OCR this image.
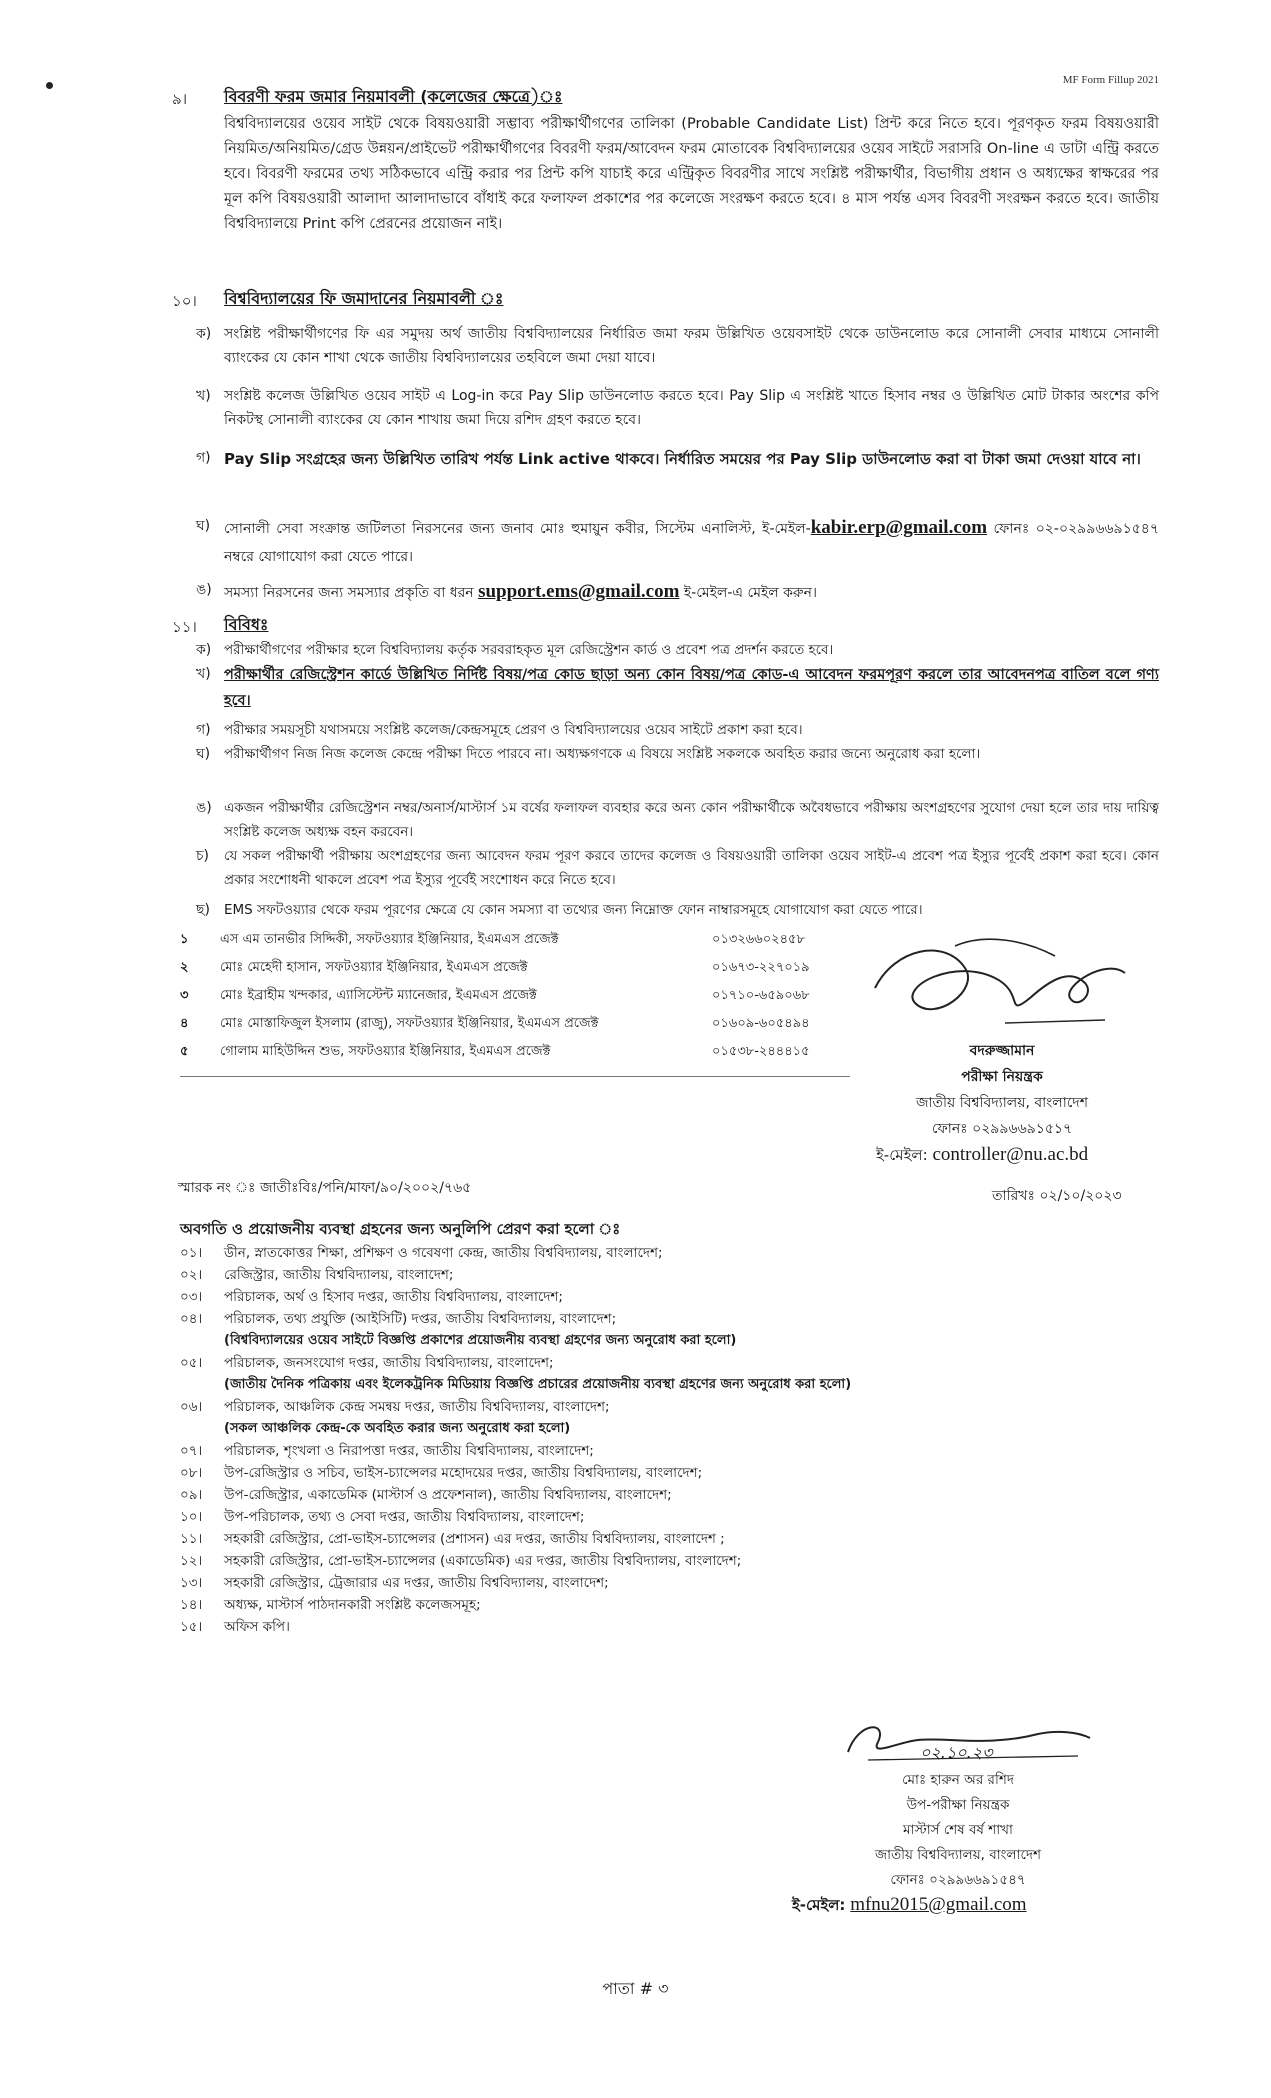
MF Form Fillup 2021
৯।	বিবরণী ফরম জমার নিয়মাবলী (কলেজের ক্ষেত্রে)ঃ
বিশ্ববিদ্যালয়ের ওয়েব সাইট থেকে বিষয়ওয়ারী সম্ভাব্য পরীক্ষার্থীগণের তালিকা (Probable Candidate List) প্রিন্ট করে নিতে হবে। পূরণকৃত ফরম বিষয়ওয়ারী নিয়মিত/অনিয়মিত/গ্রেড উন্নয়ন/প্রাইভেট পরীক্ষার্থীগণের বিবরণী ফরম/আবেদন ফরম মোতাবেক বিশ্ববিদ্যালয়ের ওয়েব সাইটে সরাসরি On-line এ ডাটা এন্ট্রি করতে হবে। বিবরণী ফরমের তথ্য সঠিকভাবে এন্ট্রি করার পর প্রিন্ট কপি যাচাই করে এন্ট্রিকৃত বিবরণীর সাথে সংশ্লিষ্ট পরীক্ষার্থীর, বিভাগীয় প্রধান ও অধ্যক্ষের স্বাক্ষরের পর মূল কপি বিষয়ওয়ারী আলাদা আলাদাভাবে বাঁধাই করে ফলাফল প্রকাশের পর কলেজে সংরক্ষণ করতে হবে। ৪ মাস পর্যন্ত এসব বিবরণী সংরক্ষন করতে হবে। জাতীয় বিশ্ববিদ্যালয়ে Print কপি প্রেরনের প্রয়োজন নাই।
১০।	বিশ্ববিদ্যালয়ের ফি জমাদানের নিয়মাবলী ঃ
ক) সংশ্লিষ্ট পরীক্ষার্থীগণের ফি এর সমুদয় অর্থ জাতীয় বিশ্ববিদ্যালয়ের নির্ধারিত জমা ফরম উল্লিখিত ওয়েবসাইট থেকে ডাউনলোড করে সোনালী সেবার মাধ্যমে সোনালী ব্যাংকের যে কোন শাখা থেকে জাতীয় বিশ্ববিদ্যালয়ের তহবিলে জমা দেয়া যাবে।
খ) সংশ্লিষ্ট কলেজ উল্লিখিত ওয়েব সাইট এ Log-in করে Pay Slip ডাউনলোড করতে হবে। Pay Slip এ সংশ্লিষ্ট খাতে হিসাব নম্বর ও উল্লিখিত মোট টাকার অংশের কপি নিকটস্থ সোনালী ব্যাংকের যে কোন শাখায় জমা দিয়ে রশিদ গ্রহণ করতে হবে।
গ) Pay Slip সংগ্রহের জন্য উল্লিখিত তারিখ পর্যন্ত Link active থাকবে। নির্ধারিত সময়ের পর Pay Slip ডাউনলোড করা বা টাকা জমা দেওয়া যাবে না।
ঘ) সোনালী সেবা সংক্রান্ত জটিলতা নিরসনের জন্য জনাব মোঃ হুমায়ুন কবীর, সিস্টেম এনালিস্ট, ই-মেইল-kabir.erp@gmail.com ফোনঃ ০২-০২৯৯৬৬৯১৫৪৭ নম্বরে যোগাযোগ করা যেতে পারে।
ঙ) সমস্যা নিরসনের জন্য সমস্যার প্রকৃতি বা ধরন support.ems@gmail.com ই-মেইল-এ মেইল করুন।
১১।	বিবিধঃ
ক) পরীক্ষার্থীগণের পরীক্ষার হলে বিশ্ববিদ্যালয় কর্তৃক সরবরাহকৃত মূল রেজিস্ট্রেশন কার্ড ও প্রবেশ পত্র প্রদর্শন করতে হবে।
খ) পরীক্ষার্থীর রেজিস্ট্রেশন কার্ডে উল্লিখিত নির্দিষ্ট বিষয়/পত্র কোড ছাড়া অন্য কোন বিষয়/পত্র কোড-এ আবেদন ফরমপূরণ করলে তার আবেদনপত্র বাতিল বলে গণ্য হবে।
গ) পরীক্ষার সময়সূচী যথাসময়ে সংশ্লিষ্ট কলেজ/কেন্দ্রসমূহে প্রেরণ ও বিশ্ববিদ্যালয়ের ওয়েব সাইটে প্রকাশ করা হবে।
ঘ) পরীক্ষার্থীগণ নিজ নিজ কলেজ কেন্দ্রে পরীক্ষা দিতে পারবে না। অধ্যক্ষগণকে এ বিষয়ে সংশ্লিষ্ট সকলকে অবহিত করার জন্যে অনুরোধ করা হলো।
ঙ) একজন পরীক্ষার্থীর রেজিস্ট্রেশন নম্বর/অনার্স/মাস্টার্স ১ম বর্ষের ফলাফল ব্যবহার করে অন্য কোন পরীক্ষার্থীকে অবৈধভাবে পরীক্ষায় অংশগ্রহণের সুযোগ দেয়া হলে তার দায় দায়িত্ব সংশ্লিষ্ট কলেজ অধ্যক্ষ বহন করবেন।
চ) যে সকল পরীক্ষার্থী পরীক্ষায় অংশগ্রহণের জন্য আবেদন ফরম পূরণ করবে তাদের কলেজ ও বিষয়ওয়ারী তালিকা ওয়েব সাইট-এ প্রবেশ পত্র ইস্যুর পূর্বেই প্রকাশ করা হবে। কোন প্রকার সংশোধনী থাকলে প্রবেশ পত্র ইস্যুর পূর্বেই সংশোধন করে নিতে হবে।
ছ) EMS সফটওয়্যার থেকে ফরম পূরণের ক্ষেত্রে যে কোন সমস্যা বা তথ্যের জন্য নিম্নোক্ত ফোন নাম্বারসমূহে যোগাযোগ করা যেতে পারে।
১ এস এম তানভীর সিদ্দিকী, সফটওয়্যার ইঞ্জিনিয়ার, ইএমএস প্রজেক্ট	০১৩২৬৬০২৪৫৮
২ মোঃ মেহেদী হাসান, সফটওয়্যার ইঞ্জিনিয়ার, ইএমএস প্রজেক্ট	০১৬৭৩-২২৭০১৯
৩ মোঃ ইব্রাহীম খন্দকার, এ্যাসিস্টেন্ট ম্যানেজার, ইএমএস প্রজেক্ট	০১৭১০-৬৫৯০৬৮
৪ মোঃ মোস্তাফিজুল ইসলাম (রাজু), সফটওয়্যার ইঞ্জিনিয়ার, ইএমএস প্রজেক্ট	০১৬০৯-৬০৫৪৯৪
৫ গোলাম মাহিউদ্দিন শুভ, সফটওয়্যার ইঞ্জিনিয়ার, ইএমএস প্রজেক্ট	০১৫৩৮-২৪৪৪১৫	বদরুজ্জামান
পরীক্ষা নিয়ন্ত্রক
জাতীয় বিশ্ববিদ্যালয়, বাংলাদেশ
ফোনঃ ০২৯৯৬৬৯১৫১৭
ই-মেইল: controller@nu.ac.bd
স্মারক নং ঃ জাতীঃবিঃ/পনি/মাফা/৯০/২০০২/৭৬৫	তারিখঃ ০২/১০/২০২৩
অবগতি ও প্রয়োজনীয় ব্যবস্থা গ্রহনের জন্য অনুলিপি প্রেরণ করা হলো ঃ
০১। ডীন, স্নাতকোত্তর শিক্ষা, প্রশিক্ষণ ও গবেষণা কেন্দ্র, জাতীয় বিশ্ববিদ্যালয়, বাংলাদেশ;
০২। রেজিস্ট্রার, জাতীয় বিশ্ববিদ্যালয়, বাংলাদেশ;
০৩। পরিচালক, অর্থ ও হিসাব দপ্তর, জাতীয় বিশ্ববিদ্যালয়, বাংলাদেশ;
০৪। পরিচালক, তথ্য প্রযুক্তি (আইসিটি) দপ্তর, জাতীয় বিশ্ববিদ্যালয়, বাংলাদেশ;
(বিশ্ববিদ্যালয়ের ওয়েব সাইটে বিজ্ঞপ্তি প্রকাশের প্রয়োজনীয় ব্যবস্থা গ্রহণের জন্য অনুরোধ করা হলো)
০৫। পরিচালক, জনসংযোগ দপ্তর, জাতীয় বিশ্ববিদ্যালয়, বাংলাদেশ;
(জাতীয় দৈনিক পত্রিকায় এবং ইলেকট্রনিক মিডিয়ায় বিজ্ঞপ্তি প্রচারের প্রয়োজনীয় ব্যবস্থা গ্রহণের জন্য অনুরোধ করা হলো)
০৬। পরিচালক, আঞ্চলিক কেন্দ্র সমন্বয় দপ্তর, জাতীয় বিশ্ববিদ্যালয়, বাংলাদেশ;
(সকল আঞ্চলিক কেন্দ্র-কে অবহিত করার জন্য অনুরোধ করা হলো)
০৭। পরিচালক, শৃংখলা ও নিরাপত্তা দপ্তর, জাতীয় বিশ্ববিদ্যালয়, বাংলাদেশ;
০৮। উপ-রেজিস্ট্রার ও সচিব, ভাইস-চ্যান্সেলর মহোদয়ের দপ্তর, জাতীয় বিশ্ববিদ্যালয়, বাংলাদেশ;
০৯। উপ-রেজিস্ট্রার, একাডেমিক (মাস্টার্স ও প্রফেশনাল), জাতীয় বিশ্ববিদ্যালয়, বাংলাদেশ;
১০। উপ-পরিচালক, তথ্য ও সেবা দপ্তর, জাতীয় বিশ্ববিদ্যালয়, বাংলাদেশ;
১১। সহকারী রেজিস্ট্রার, প্রো-ভাইস-চ্যান্সেলর (প্রশাসন) এর দপ্তর, জাতীয় বিশ্ববিদ্যালয়, বাংলাদেশ ;
১২। সহকারী রেজিস্ট্রার, প্রো-ভাইস-চ্যান্সেলর (একাডেমিক) এর দপ্তর, জাতীয় বিশ্ববিদ্যালয়, বাংলাদেশ;
১৩। সহকারী রেজিস্ট্রার, ট্রেজারার এর দপ্তর, জাতীয় বিশ্ববিদ্যালয়, বাংলাদেশ;
১৪। অধ্যক্ষ, মাস্টার্স পাঠদানকারী সংশ্লিষ্ট কলেজসমূহ;
১৫। অফিস কপি।
০২.১০.২৩
মোঃ হারুন অর রশিদ
উপ-পরীক্ষা নিয়ন্ত্রক
মাস্টার্স শেষ বর্ষ শাখা
জাতীয় বিশ্ববিদ্যালয়, বাংলাদেশ
ফোনঃ ০২৯৯৬৬৯১৫৪৭
ই-মেইল: mfnu2015@gmail.com
পাতা # ৩
